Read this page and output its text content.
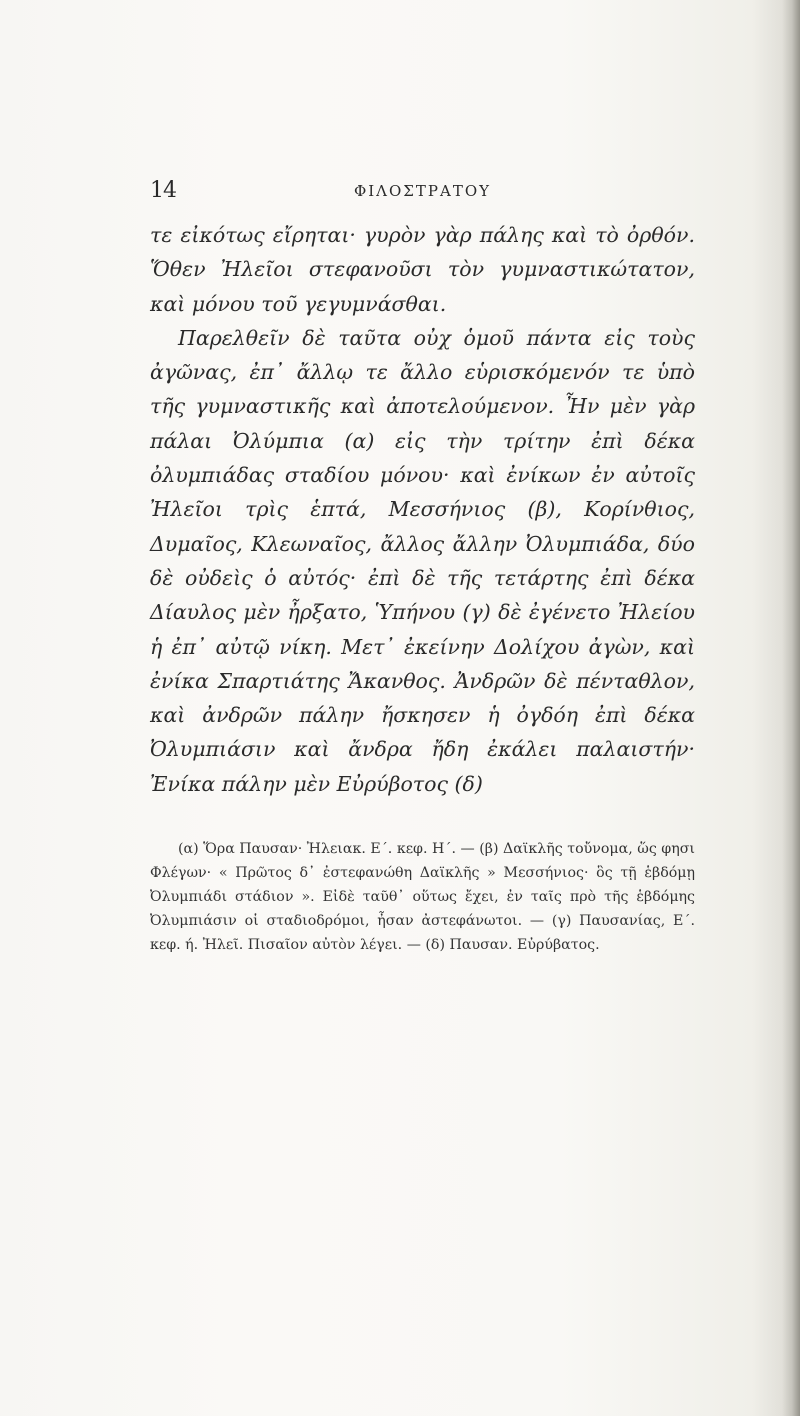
14	ΦΙΛΟΣΤΡΑΤΟΥ

τε εἰκότως εἴρηται· γυρὸν γὰρ πάλης καὶ τὸ ὀρθόν. Ὅθεν Ἠλεῖοι στεφανοῦσι τὸν γυμναστικώτατον, καὶ μόνου τοῦ γεγυμνάσθαι.

Παρελθεῖν δὲ ταῦτα οὐχ ὁμοῦ πάντα εἰς τοὺς ἀγῶνας, ἐπ᾽ ἄλλῳ τε ἄλλο εὑρισκόμενόν τε ὑπὸ τῆς γυμναστικῆς καὶ ἀποτελούμενον. Ἦν μὲν γὰρ πάλαι Ὀλύμπια (α) εἰς τὴν τρίτην ἐπὶ δέκα ὀλυμπιάδας σταδίου μόνου· καὶ ἐνίκων ἐν αὐτοῖς Ἠλεῖοι τρὶς ἑπτά, Μεσσήνιος (β), Κορίνθιος, Δυμαῖος, Κλεωναῖος, ἄλλος ἄλλην Ὀλυμπιάδα, δύο δὲ οὐδεὶς ὁ αὐτός· ἐπὶ δὲ τῆς τετάρτης ἐπὶ δέκα Δίαυλος μὲν ἦρξατο, Ὑπήνου (γ) δὲ ἐγένετο Ἠλείου ἡ ἐπ᾽ αὐτῷ νίκη. Μετ᾽ ἐκείνην Δολίχου ἀγὼν, καὶ ἐνίκα Σπαρτιάτης Ἄκανθος. Ἀνδρῶν δὲ πένταθλον, καὶ ἀνδρῶν πάλην ἤσκησεν ἡ ὀγδόη ἐπὶ δέκα Ὀλυμπιάσιν καὶ ἄνδρα ἤδη ἐκάλει παλαιστήν· Ἐνίκα πάλην μὲν Εὐρύβοτος (δ)

(α) Ὅρα Παυσαν· Ἠλειακ. Ε΄. κεφ. Η΄. — (β) Δαϊκλῆς τοὔνομα, ὥς φησι Φλέγων· « Πρῶτος δ᾽ ἐστεφανώθη Δαϊκλῆς » Μεσσήνιος· ὃς τῇ ἑβδόμῃ Ὀλυμπιάδι στάδιον ». Εἰδὲ ταῦθ᾽ οὕτως ἔχει, ἐν ταῖς πρὸ τῆς ἑβδόμης Ὀλυμπιάσιν οἱ σταδιοδρόμοι, ἦσαν ἀστεφάνωτοι. — (γ) Παυσανίας, Ε΄. κεφ. ή. Ἠλεῖ. Πισαῖον αὐτὸν λέγει. — (δ) Παυσαν. Εὐρύβατος.
